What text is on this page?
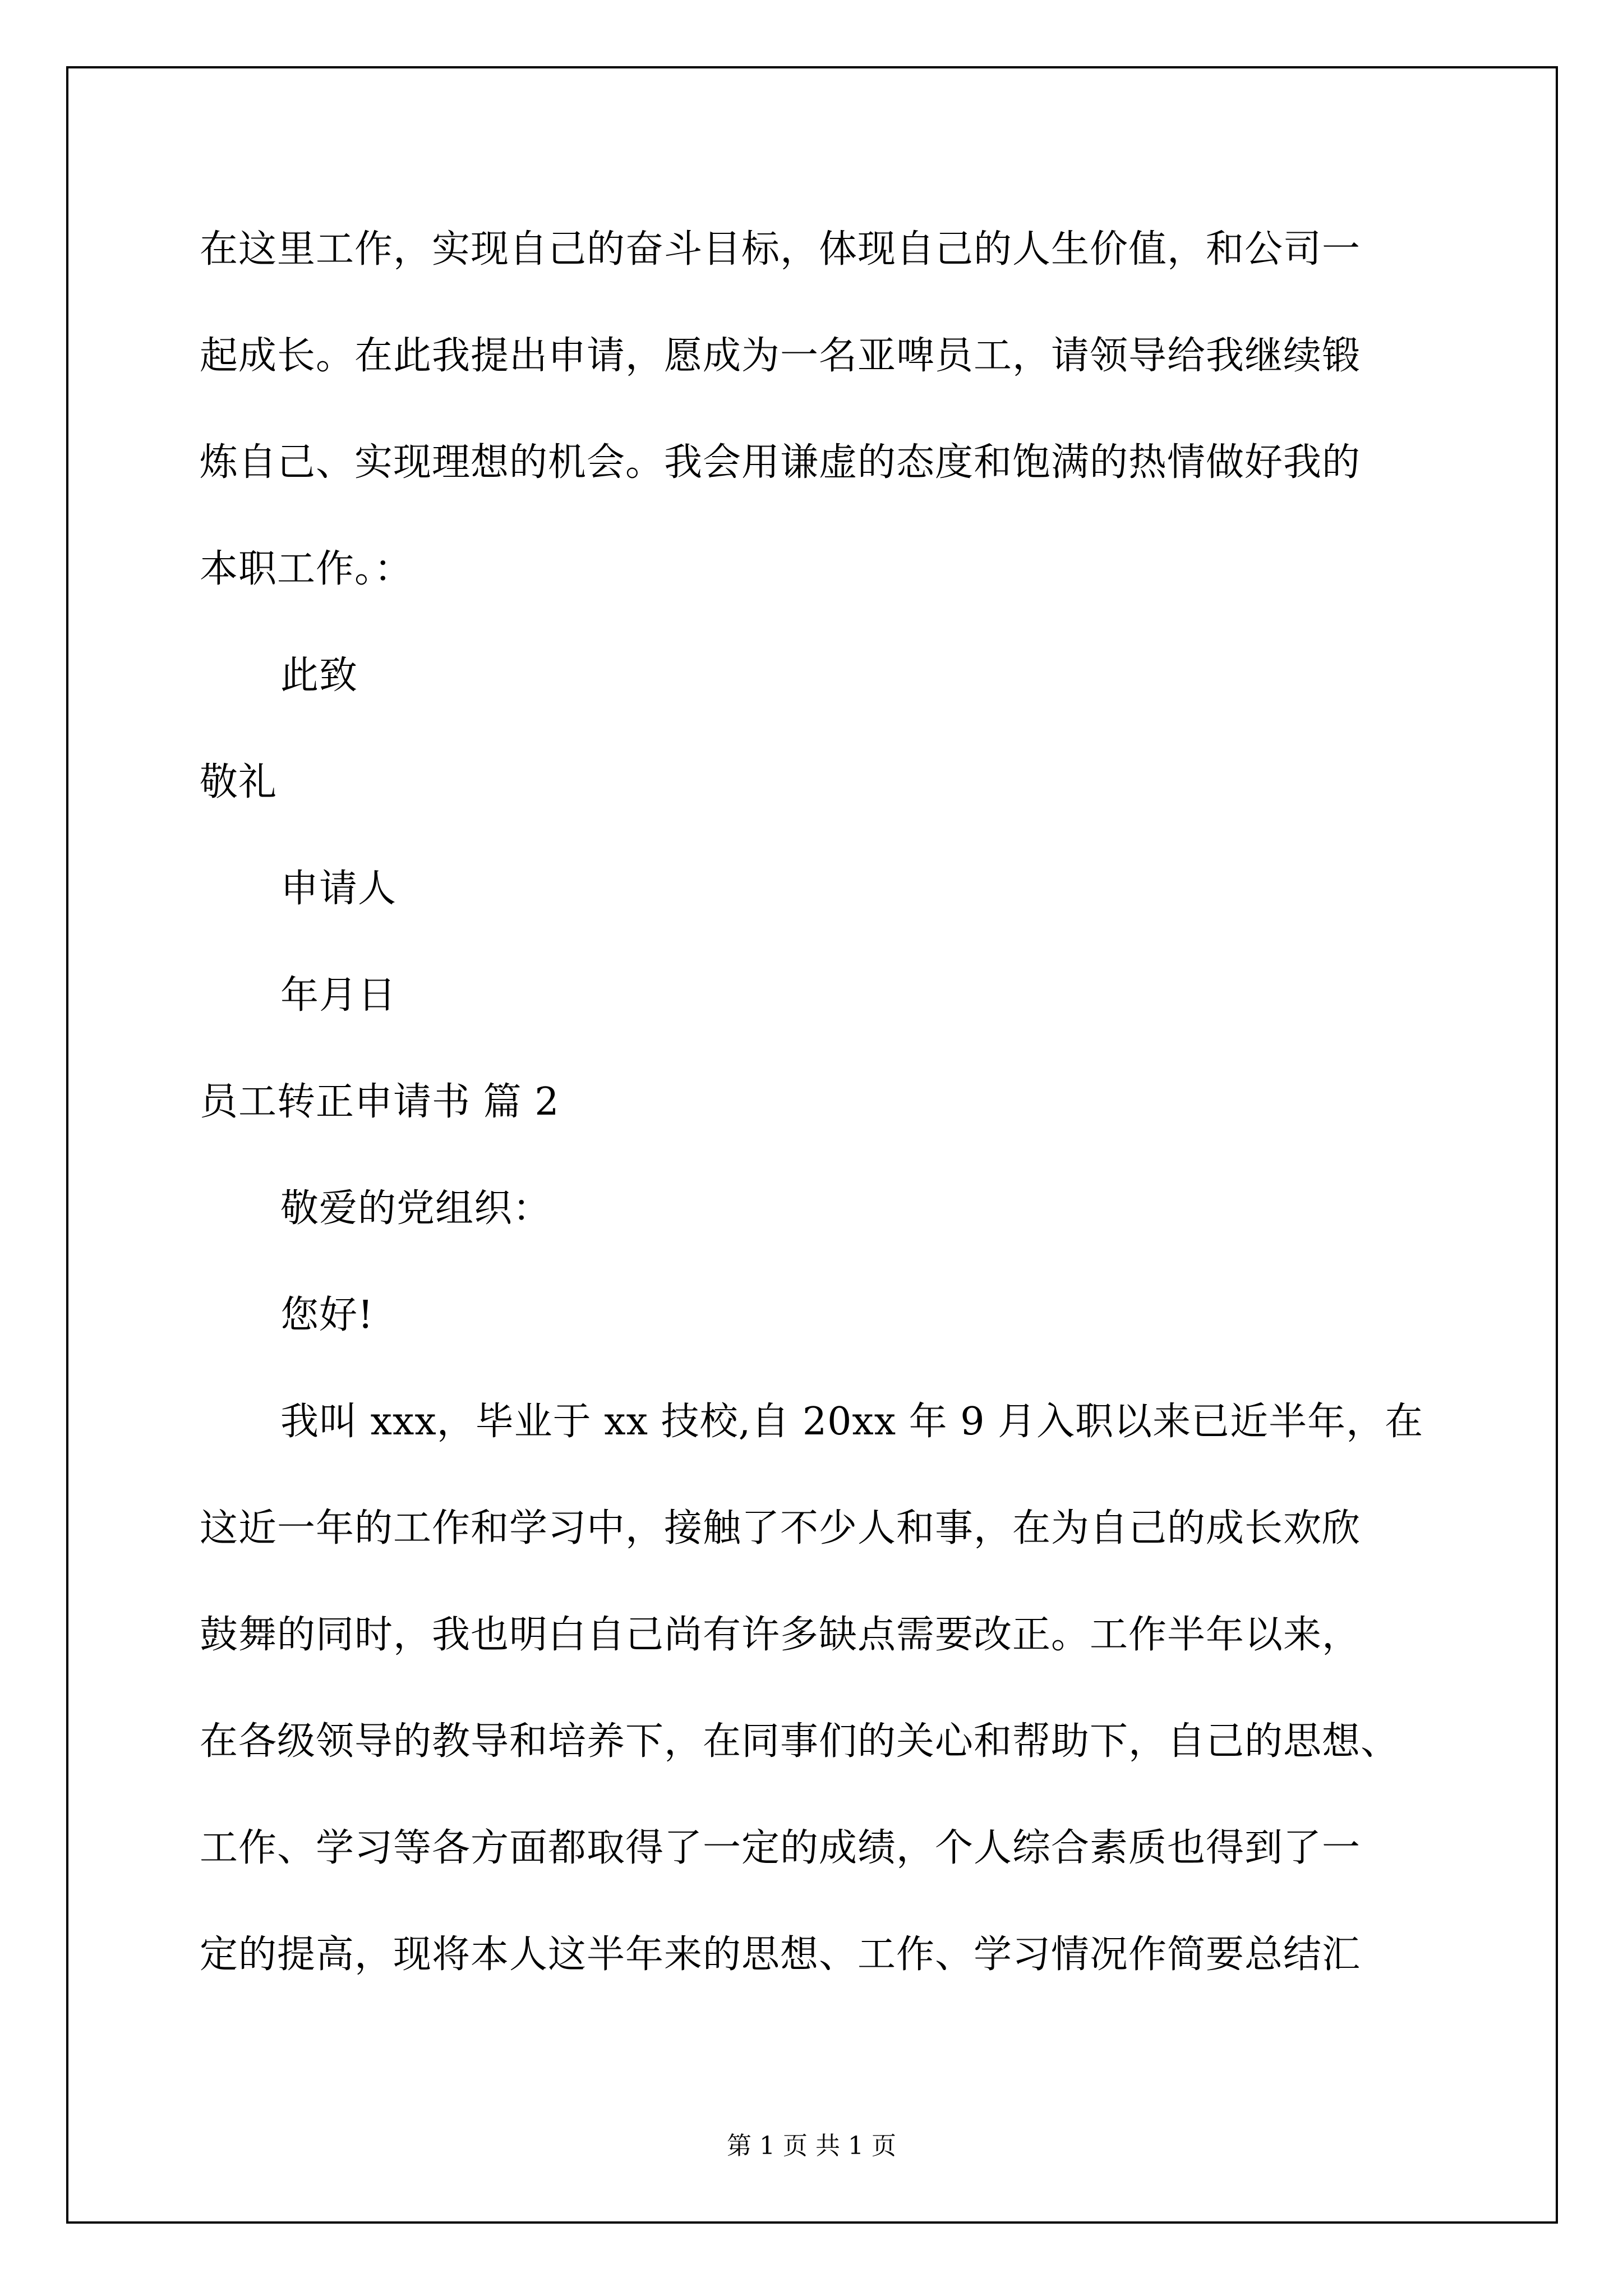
在这里工作，实现自己的奋斗目标，体现自己的人生价值，和公司一
起成长。在此我提出申请，愿成为一名亚啤员工，请领导给我继续锻
炼自己、实现理想的机会。我会用谦虚的态度和饱满的热情做好我的
本职工作。：
此致
敬礼
申请人
年月日
员工转正申请书 篇 2
敬爱的党组织：
您好!
我叫 xxx，毕业于 xx 技校,自 20xx 年 9 月入职以来已近半年，在
这近一年的工作和学习中，接触了不少人和事，在为自己的成长欢欣
鼓舞的同时，我也明白自己尚有许多缺点需要改正。工作半年以来，
在各级领导的教导和培养下，在同事们的关心和帮助下，自己的思想、
工作、学习等各方面都取得了一定的成绩，个人综合素质也得到了一
定的提高，现将本人这半年来的思想、工作、学习情况作简要总结汇
第 1 页 共 1 页
